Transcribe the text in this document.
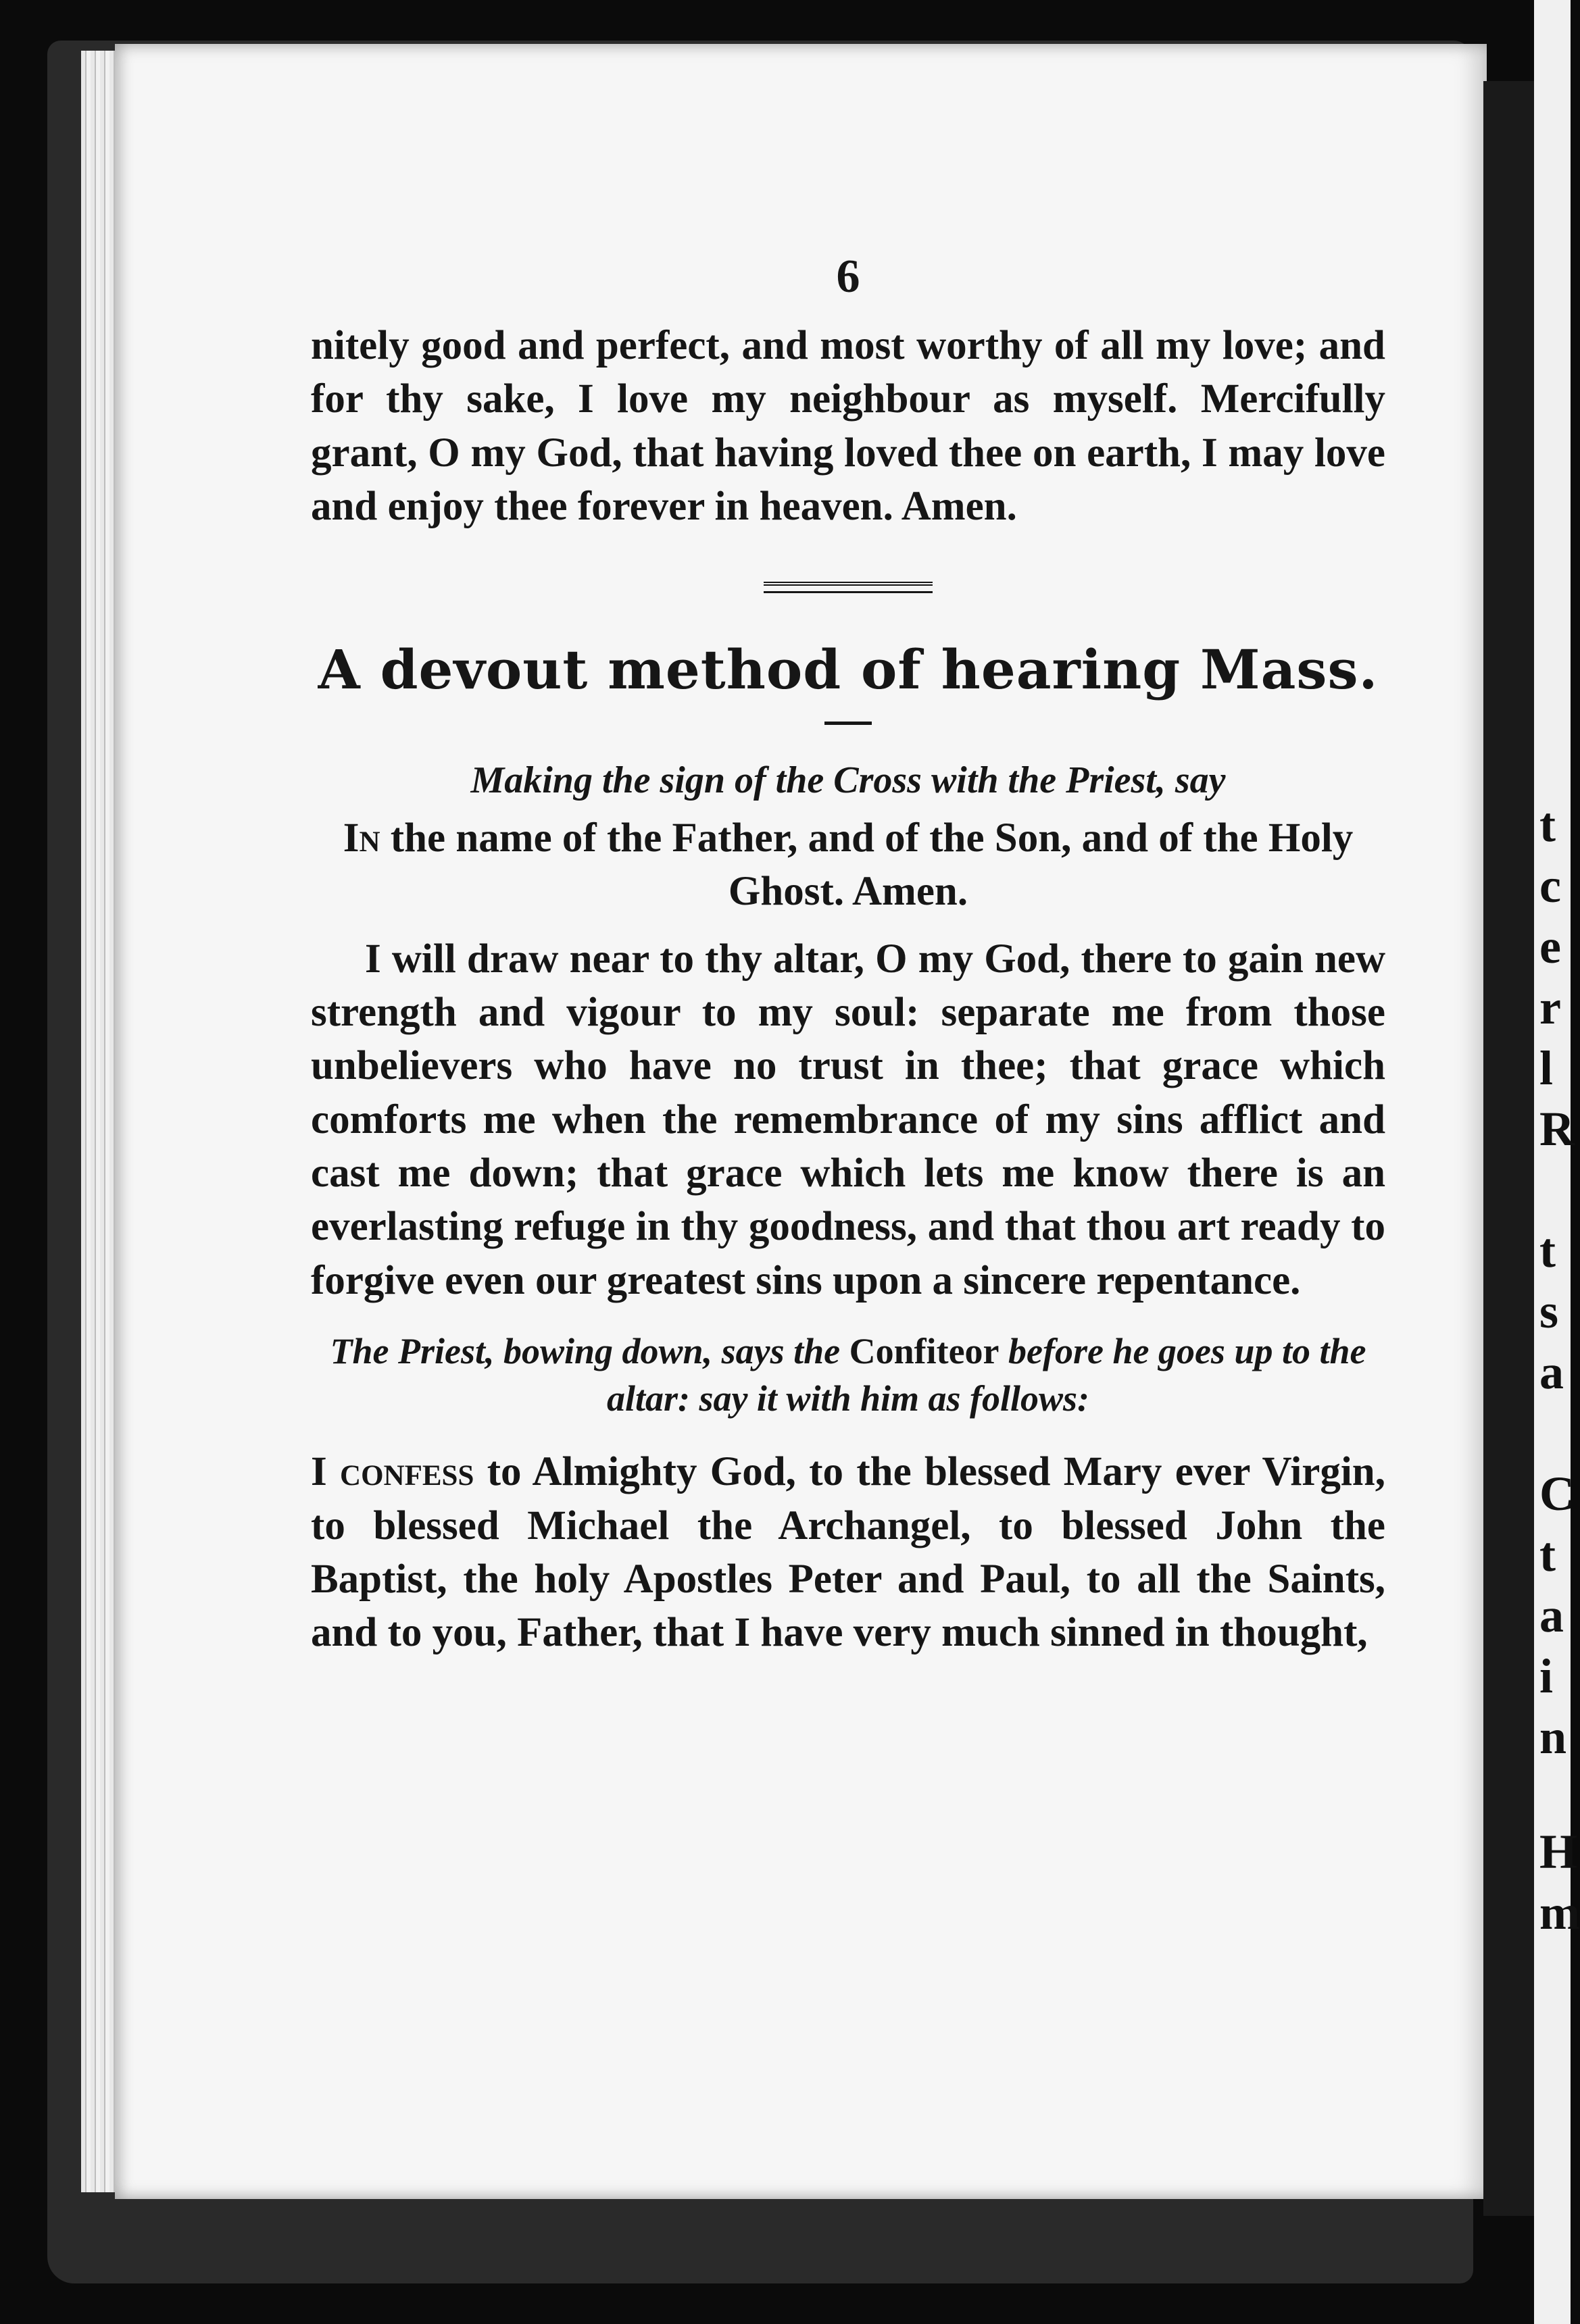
t
c
e
r
l
R
t
s
a
C
t
a
i
n
H
m
6

nitely good and perfect, and most worthy of all my love; and for thy sake, I love my neighbour as myself. Mercifully grant, O my God, that having loved thee on earth, I may love and enjoy thee forever in heaven. Amen.

A devout method of hearing Mass.

Making the sign of the Cross with the Priest, say

In the name of the Father, and of the Son, and of the Holy Ghost. Amen.

I will draw near to thy altar, O my God, there to gain new strength and vigour to my soul: separate me from those unbelievers who have no trust in thee; that grace which comforts me when the remembrance of my sins afflict and cast me down; that grace which lets me know there is an everlasting refuge in thy goodness, and that thou art ready to forgive even our greatest sins upon a sincere repentance.

The Priest, bowing down, says the Confiteor before he goes up to the altar: say it with him as follows:

I confess to Almighty God, to the blessed Mary ever Virgin, to blessed Michael the Archangel, to blessed John the Baptist, the holy Apostles Peter and Paul, to all the Saints, and to you, Father, that I have very much sinned in thought,
